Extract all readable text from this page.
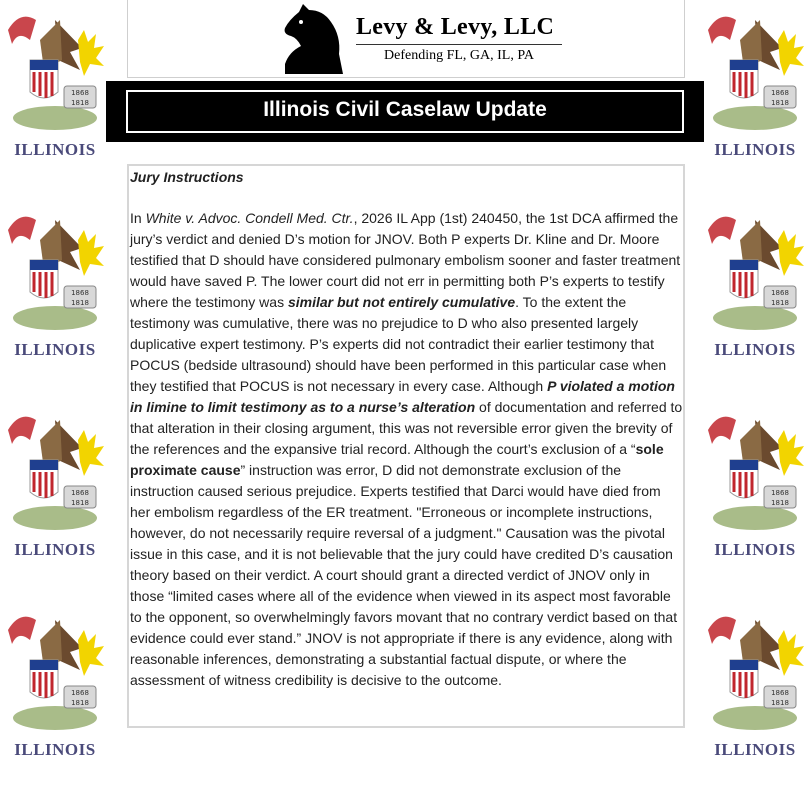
1868
1818
ILLINOIS
1868
1818
ILLINOIS
1868
1818
ILLINOIS
1868
1818
ILLINOIS
1868
1818
ILLINOIS
1868
1818
ILLINOIS
1868
1818
ILLINOIS
1868
1818
ILLINOIS
Levy & Levy, LLC
Defending FL, GA, IL, PA
Illinois Civil Caselaw Update
Jury Instructions
In White v. Advoc. Condell Med. Ctr., 2026 IL App (1st) 240450, the 1st DCA affirmed the jury’s verdict and denied D’s motion for JNOV. Both P experts Dr. Kline and Dr. Moore testified that D should have considered pulmonary embolism sooner and faster treatment would have saved P. The lower court did not err in permitting both P’s experts to testify where the testimony was similar but not entirely cumulative. To the extent the testimony was cumulative, there was no prejudice to D who also presented largely duplicative expert testimony. P’s experts did not contradict their earlier testimony that POCUS (bedside ultrasound) should have been performed in this particular case when they testified that POCUS is not necessary in every case. Although P violated a motion in limine to limit testimony as to a nurse’s alteration of documentation and referred to that alteration in their closing argument, this was not reversible error given the brevity of the references and the expansive trial record. Although the court’s exclusion of a “sole proximate cause” instruction was error, D did not demonstrate exclusion of the instruction caused serious prejudice. Experts testified that Darci would have died from her embolism regardless of the ER treatment. "Erroneous or incomplete instructions, however, do not necessarily require reversal of a judgment." Causation was the pivotal issue in this case, and it is not believable that the jury could have credited D’s causation theory based on their verdict. A court should grant a directed verdict of JNOV only in those “limited cases where all of the evidence when viewed in its aspect most favorable to the opponent, so overwhelmingly favors movant that no contrary verdict based on that evidence could ever stand.” JNOV is not appropriate if there is any evidence, along with reasonable inferences, demonstrating a substantial factual dispute, or where the assessment of witness credibility is decisive to the outcome.
